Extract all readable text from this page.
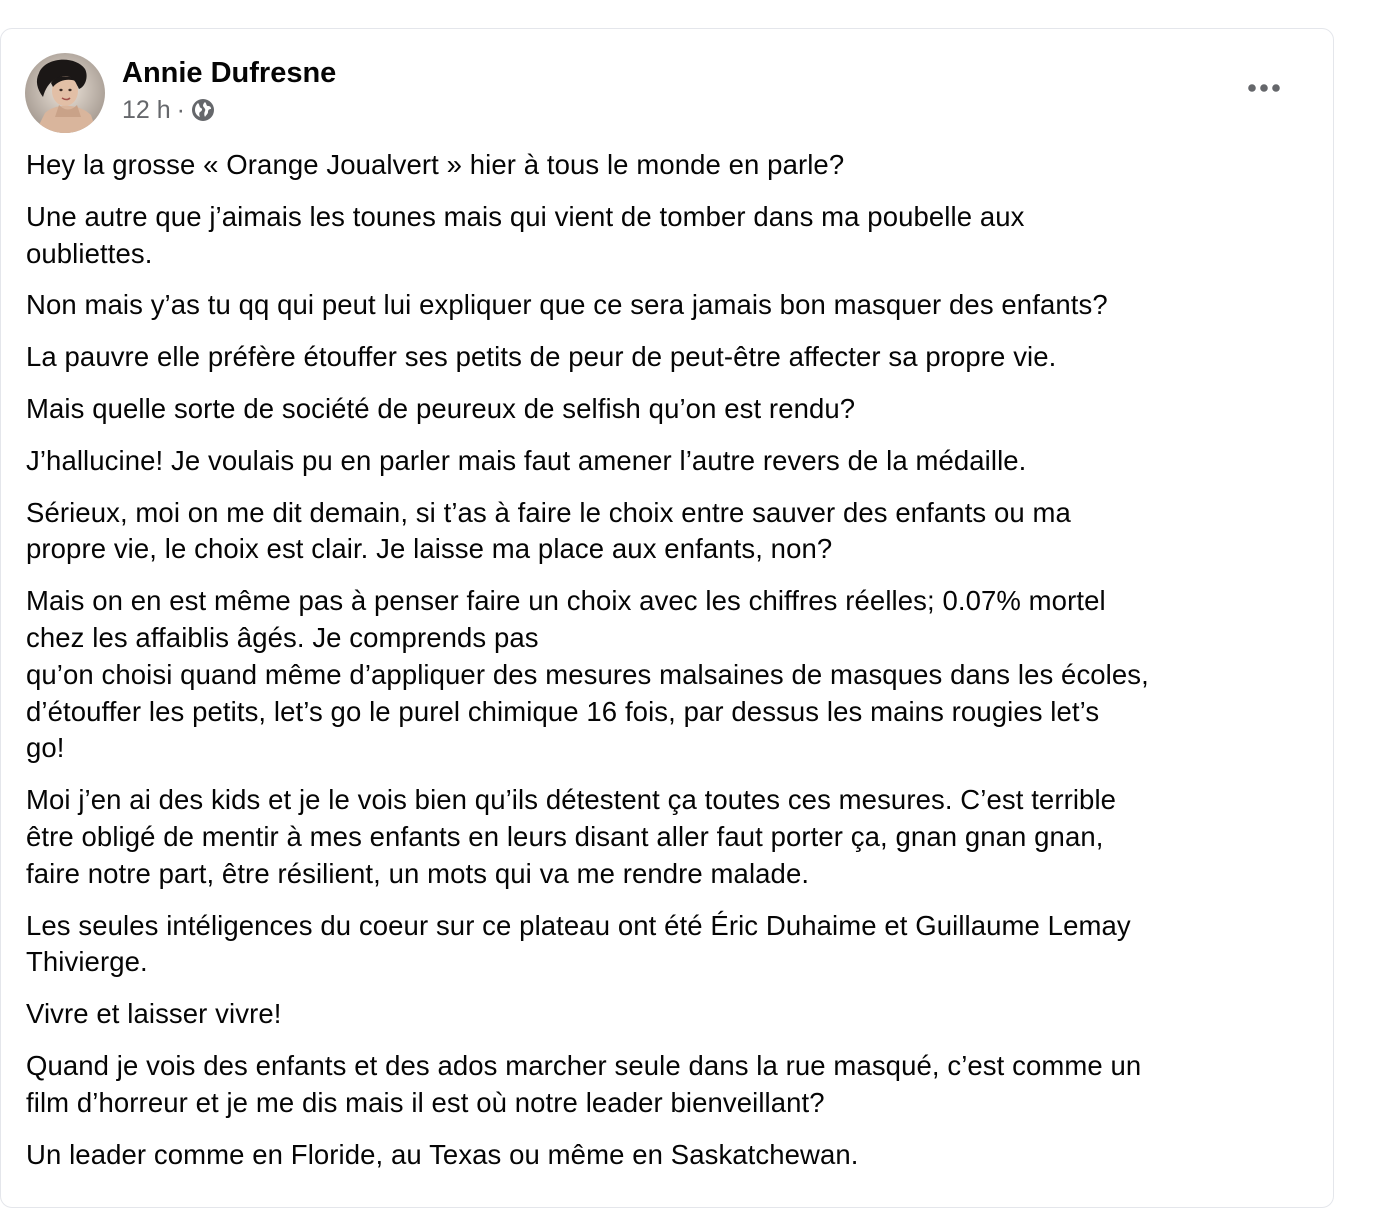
Annie Dufresne
12 h ·

Hey la grosse « Orange Joualvert » hier à tous le monde en parle?

Une autre que j’aimais les tounes mais qui vient de tomber dans ma poubelle aux
oubliettes.

Non mais y’as tu qq qui peut lui expliquer que ce sera jamais bon masquer des enfants?

La pauvre elle préfère étouffer ses petits de peur de peut-être affecter sa propre vie.

Mais quelle sorte de société de peureux de selfish qu’on est rendu?

J’hallucine! Je voulais pu en parler mais faut amener l’autre revers de la médaille.

Sérieux, moi on me dit demain, si t’as à faire le choix entre sauver des enfants ou ma
propre vie, le choix est clair. Je laisse ma place aux enfants, non?

Mais on en est même pas à penser faire un choix avec les chiffres réelles; 0.07% mortel
chez les affaiblis âgés. Je comprends pas
qu’on choisi quand même d’appliquer des mesures malsaines de masques dans les écoles,
d’étouffer les petits, let’s go le purel chimique 16 fois, par dessus les mains rougies let’s
go!

Moi j’en ai des kids et je le vois bien qu’ils détestent ça toutes ces mesures. C’est terrible
être obligé de mentir à mes enfants en leurs disant aller faut porter ça, gnan gnan gnan,
faire notre part, être résilient, un mots qui va me rendre malade.

Les seules intéligences du coeur sur ce plateau ont été Éric Duhaime et Guillaume Lemay
Thivierge.

Vivre et laisser vivre!

Quand je vois des enfants et des ados marcher seule dans la rue masqué, c’est comme un
film d’horreur et je me dis mais il est où notre leader bienveillant?

Un leader comme en Floride, au Texas ou même en Saskatchewan.
